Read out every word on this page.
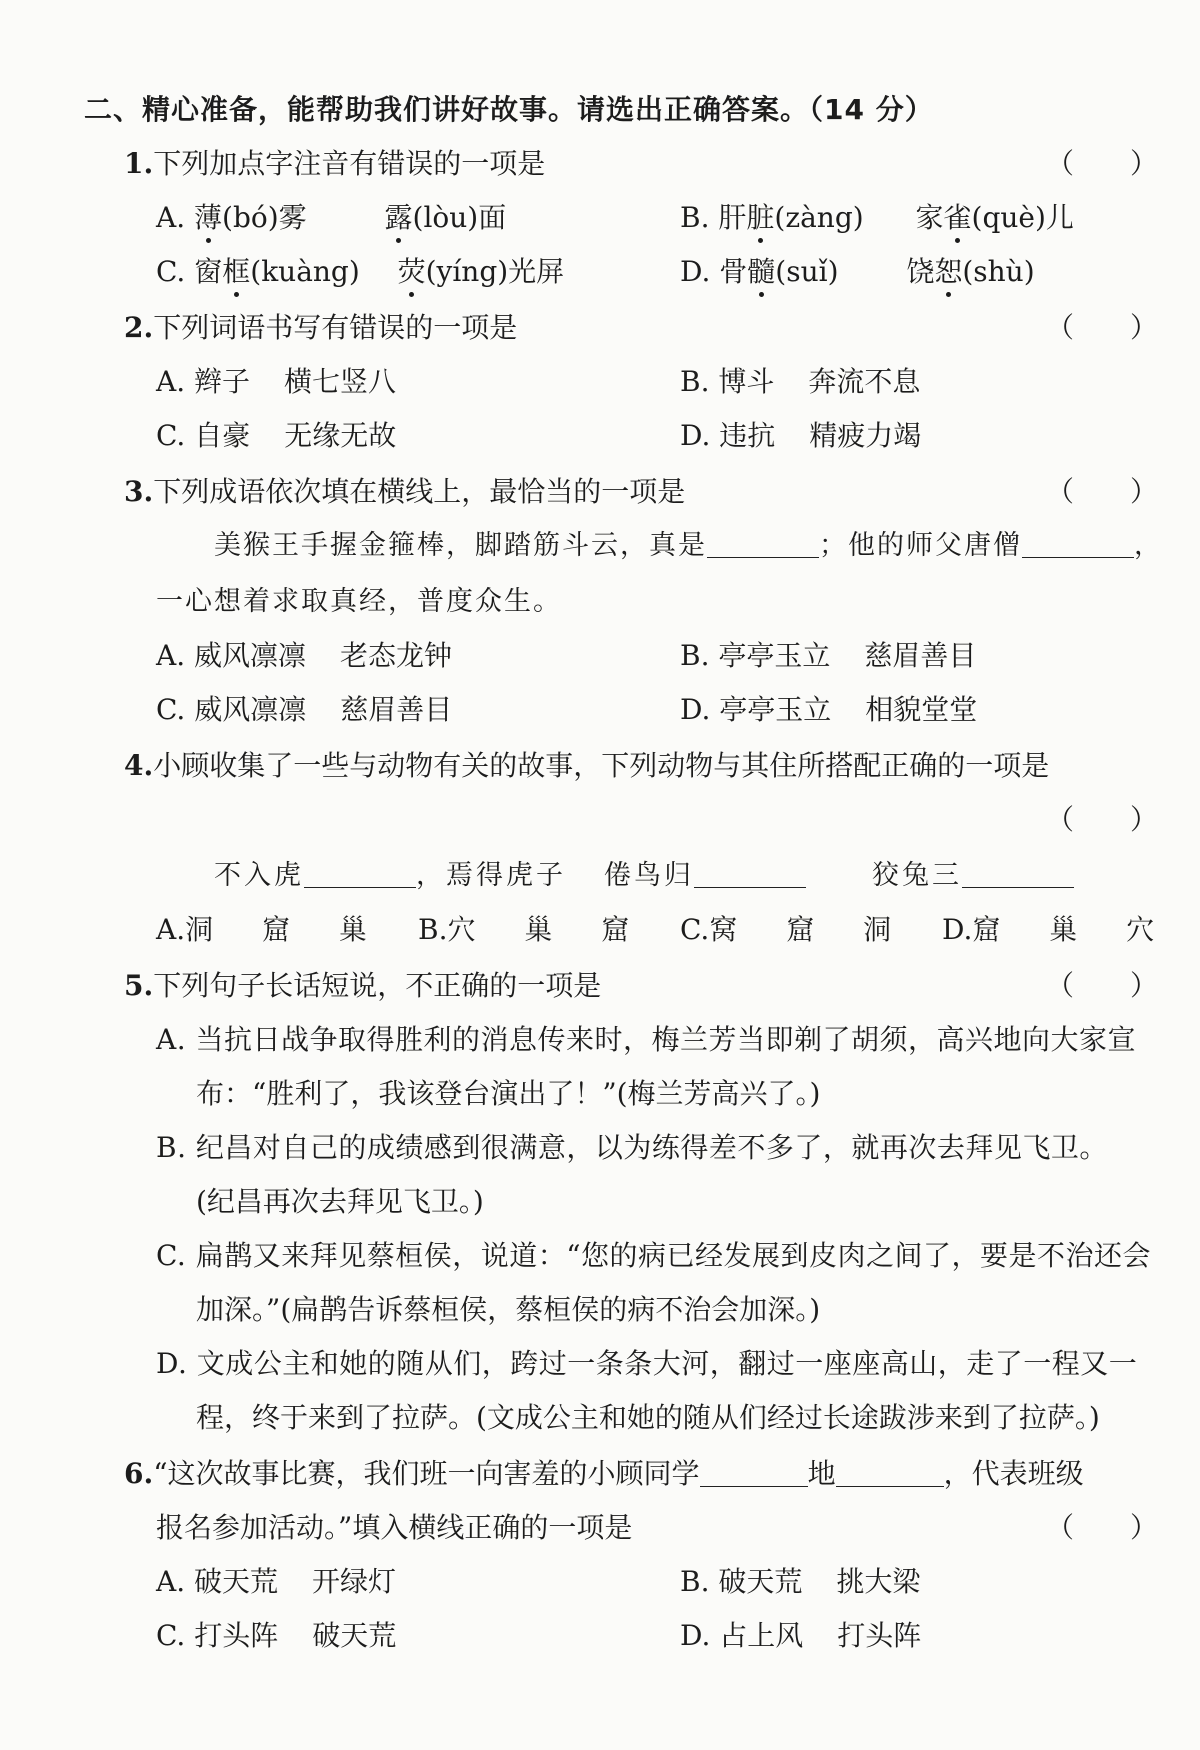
二、精心准备，能帮助我们讲好故事。请选出正确答案。（14 分）
1.下列加点字注音有错误的一项是	（　　）
A. 薄(bó)雾	露(lòu)面	B. 肝脏(zàng) 家雀(què)儿
C. 窗框(kuàng) 荧(yíng)光屏	D. 骨髓(suǐ) 饶恕(shù)
2.下列词语书写有错误的一项是	（　　）
A. 辫子 横七竖八	B. 博斗 奔流不息
C. 自豪 无缘无故	D. 违抗 精疲力竭
3.下列成语依次填在横线上，最恰当的一项是	（　　）
美猴王手握金箍棒，脚踏筋斗云，真是	；他的师父唐僧	，
一心想着求取真经，普度众生。
A. 威风凛凛 老态龙钟	B. 亭亭玉立 慈眉善目
C. 威风凛凛 慈眉善目	D. 亭亭玉立 相貌堂堂
4.小顾收集了一些与动物有关的故事，下列动物与其住所搭配正确的一项是
（　　）
不入虎	，焉得虎子 倦鸟归	狡兔三
A.洞 窟 巢 B.穴 巢 窟 C.窝 窟 洞 D.窟 巢 穴
5.下列句子长话短说，不正确的一项是	（　　）
A. 当抗日战争取得胜利的消息传来时，梅兰芳当即剃了胡须，高兴地向大家宣
布：“胜利了，我该登台演出了！”(梅兰芳高兴了。)
B. 纪昌对自己的成绩感到很满意，以为练得差不多了，就再次去拜见飞卫。
(纪昌再次去拜见飞卫。)
C. 扁鹊又来拜见蔡桓侯，说道：“您的病已经发展到皮肉之间了，要是不治还会
加深。”(扁鹊告诉蔡桓侯，蔡桓侯的病不治会加深。)
D. 文成公主和她的随从们，跨过一条条大河，翻过一座座高山，走了一程又一
程，终于来到了拉萨。(文成公主和她的随从们经过长途跋涉来到了拉萨。)
6.“这次故事比赛，我们班一向害羞的小顾同学	地	，代表班级
报名参加活动。”填入横线正确的一项是	（　　）
A. 破天荒 开绿灯	B. 破天荒 挑大梁
C. 打头阵 破天荒	D. 占上风 打头阵
